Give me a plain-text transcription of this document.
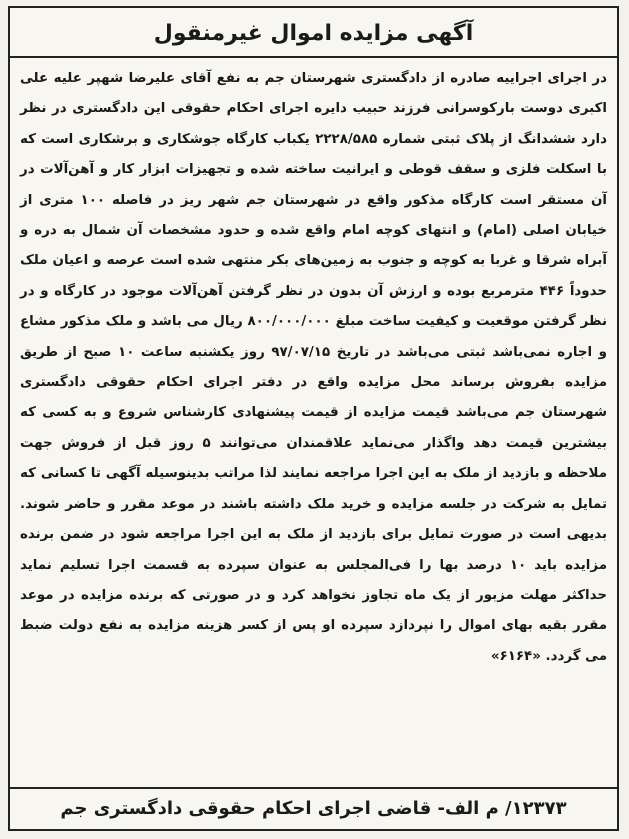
آگهی مزایده اموال غیرمنقول

در اجرای اجراییه صادره از دادگستری شهرستان جم به نفع آقای علیرضا شهپر علیه علی اکبری دوست بارکوسرانی فرزند حبیب دایره اجرای احکام حقوقی این دادگستری در نظر دارد ششدانگ از پلاک ثبتی شماره ۲۲۲۸/۵۸۵ یکباب کارگاه جوشکاری و برشکاری است که با اسکلت فلزی و سقف قوطی و ایرانیت ساخته شده و تجهیزات ابزار کار و آهن‌آلات در آن مستقر است کارگاه مذکور واقع در شهرستان جم شهر ریز در فاصله ۱۰۰ متری از خیابان اصلی (امام) و انتهای کوچه امام واقع شده و حدود مشخصات آن شمال به دره و آبراه شرقا و غربا به کوچه و جنوب به زمین‌های بکر منتهی شده است عرصه و اعیان ملک حدوداً ۴۴۶ مترمربع بوده و ارزش آن بدون در نظر گرفتن آهن‌آلات موجود در کارگاه و در نظر گرفتن موقعیت و کیفیت ساخت مبلغ ۸۰۰/۰۰۰/۰۰۰ ریال می باشد و ملک مذکور مشاع و اجاره نمی‌باشد ثبتی می‌باشد در تاریخ ۹۷/۰۷/۱۵ روز یکشنبه ساعت ۱۰ صبح از طریق مزایده بفروش برساند محل مزایده واقع در دفتر اجرای احکام حقوقی دادگستری شهرستان جم می‌باشد قیمت مزایده از قیمت پیشنهادی کارشناس شروع و به کسی که بیشترین قیمت دهد واگذار می‌نماید علاقمندان می‌توانند ۵ روز قبل از فروش جهت ملاحظه و بازدید از ملک به این اجرا مراجعه نمایند لذا مراتب بدینوسیله آگهی تا کسانی که تمایل به شرکت در جلسه مزایده و خرید ملک داشته باشند در موعد مقرر و حاضر شوند. بدیهی است در صورت تمایل برای بازدید از ملک به این اجرا مراجعه شود در ضمن برنده مزایده باید ۱۰ درصد بها را فی‌المجلس به عنوان سپرده به قسمت اجرا تسلیم نماید حداکثر مهلت مزبور از یک ماه تجاوز نخواهد کرد و در صورتی که برنده مزایده در موعد مقرر بقیه بهای اموال را نپردازد سپرده او پس از کسر هزینه مزایده به نفع دولت ضبط می گردد. «۶۱۶۴»

۱۲۳۷۳/ م الف- قاضی اجرای احکام حقوقی دادگستری جم
